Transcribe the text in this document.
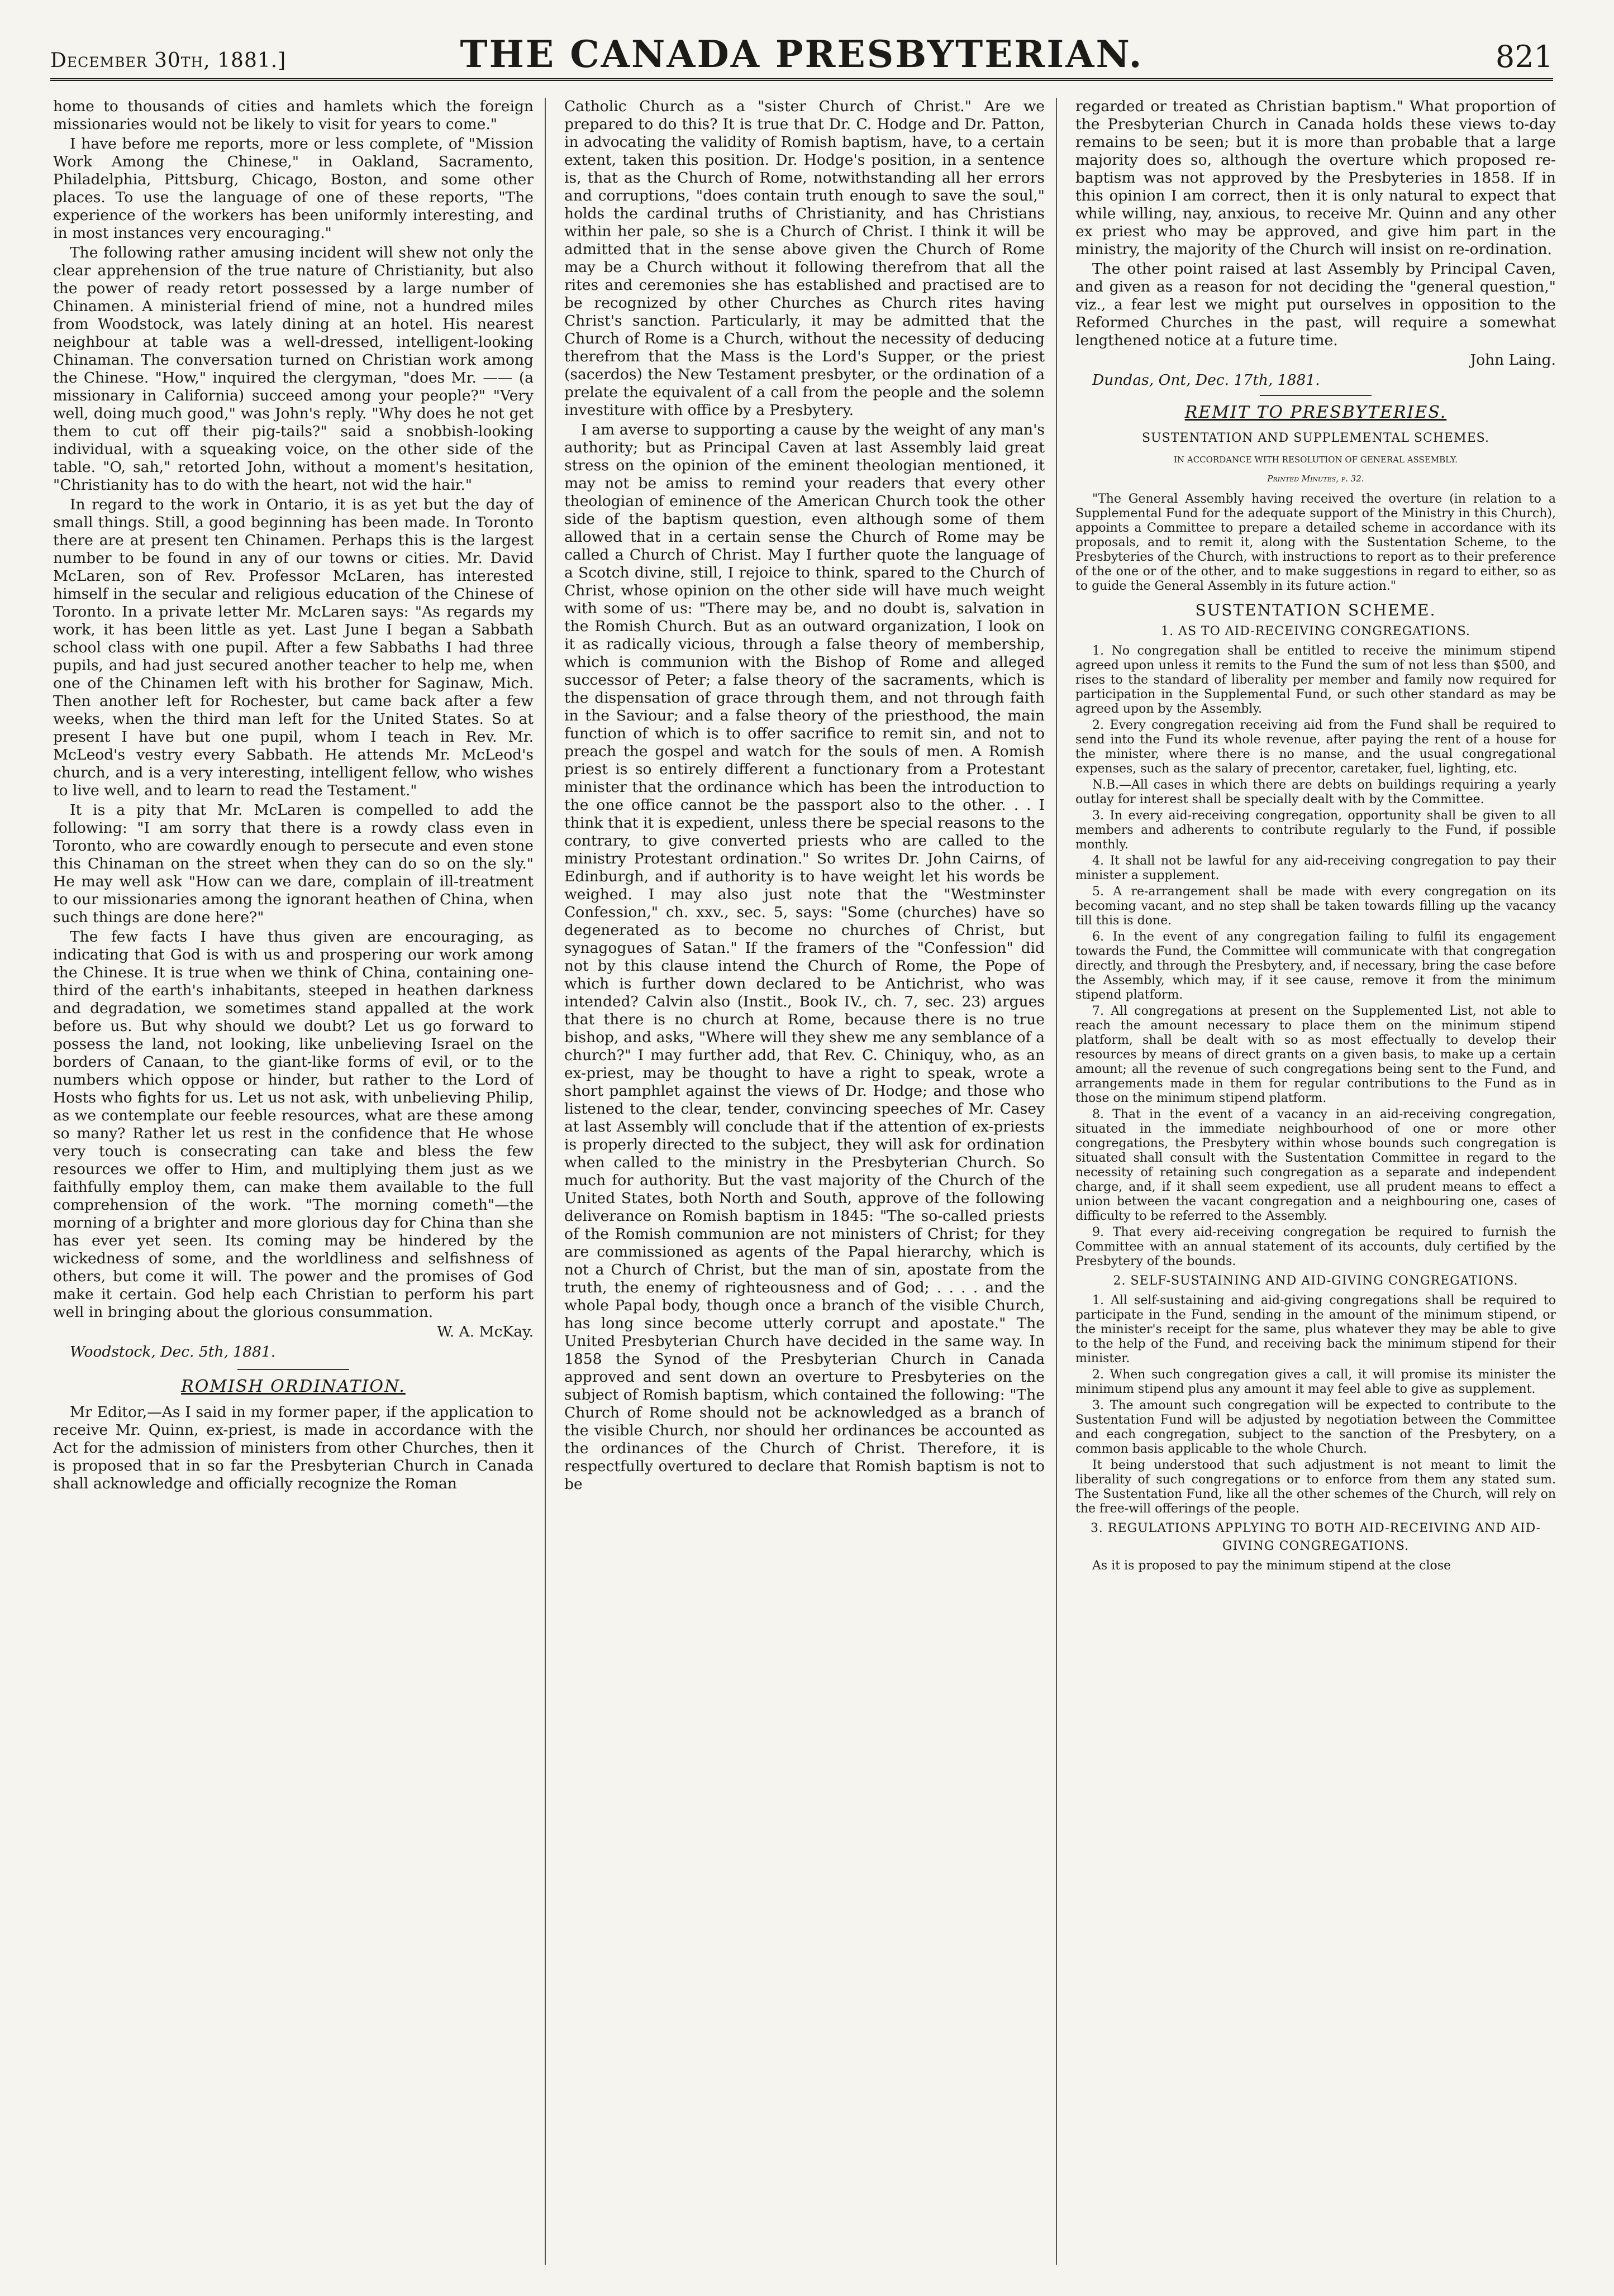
December 30th, 1881.]	THE CANADA PRESBYTERIAN.	821

home to thousands of cities and hamlets which the foreign missionaries would not be likely to visit for years to come."

I have before me reports, more or less complete, of "Mission Work Among the Chinese," in Oakland, Sacramento, Philadelphia, Pittsburg, Chicago, Boston, and some other places. To use the language of one of these reports, "The experience of the workers has been uniformly interesting, and in most instances very encouraging."

The following rather amusing incident will shew not only the clear apprehension of the true nature of Christianity, but also the power of ready retort possessed by a large number of Chinamen. A ministerial friend of mine, not a hundred miles from Woodstock, was lately dining at an hotel. His nearest neighbour at table was a well-dressed, intelligent-looking Chinaman. The conversation turned on Christian work among the Chinese. "How," inquired the clergyman, "does Mr. —— (a missionary in California) succeed among your people?" "Very well, doing much good," was John's reply. "Why does he not get them to cut off their pig-tails?" said a snobbish-looking individual, with a squeaking voice, on the other side of the table. "O, sah," retorted John, without a moment's hesitation, "Christianity has to do with the heart, not wid the hair."

In regard to the work in Ontario, it is as yet but the day of small things. Still, a good beginning has been made. In Toronto there are at present ten Chinamen. Perhaps this is the largest number to be found in any of our towns or cities. Mr. David McLaren, son of Rev. Professor McLaren, has interested himself in the secular and religious education of the Chinese of Toronto. In a private letter Mr. McLaren says: "As regards my work, it has been little as yet. Last June I began a Sabbath school class with one pupil. After a few Sabbaths I had three pupils, and had just secured another teacher to help me, when one of the Chinamen left with his brother for Saginaw, Mich. Then another left for Rochester, but came back after a few weeks, when the third man left for the United States. So at present I have but one pupil, whom I teach in Rev. Mr. McLeod's vestry every Sabbath. He attends Mr. McLeod's church, and is a very interesting, intelligent fellow, who wishes to live well, and to learn to read the Testament."

It is a pity that Mr. McLaren is compelled to add the following: "I am sorry that there is a rowdy class even in Toronto, who are cowardly enough to persecute and even stone this Chinaman on the street when they can do so on the sly." He may well ask "How can we dare, complain of ill-treatment to our missionaries among the ignorant heathen of China, when such things are done here?"

The few facts I have thus given are encouraging, as indicating that God is with us and prospering our work among the Chinese. It is true when we think of China, containing one-third of the earth's inhabitants, steeped in heathen darkness and degradation, we sometimes stand appalled at the work before us. But why should we doubt? Let us go forward to possess the land, not looking, like unbelieving Israel on the borders of Canaan, to the giant-like forms of evil, or to the numbers which oppose or hinder, but rather to the Lord of Hosts who fights for us. Let us not ask, with unbelieving Philip, as we contemplate our feeble resources, what are these among so many? Rather let us rest in the confidence that He whose very touch is consecrating can take and bless the few resources we offer to Him, and multiplying them just as we faithfully employ them, can make them available to the full comprehension of the work. "The morning cometh"—the morning of a brighter and more glorious day for China than she has ever yet seen. Its coming may be hindered by the wickedness of some, and the worldliness and selfishness of others, but come it will. The power and the promises of God make it certain. God help each Christian to perform his part well in bringing about the glorious consummation.

W. A. McKay.

Woodstock, Dec. 5th, 1881.

ROMISH ORDINATION.

Mr Editor,—As I said in my former paper, if the application to receive Mr. Quinn, ex-priest, is made in accordance with the Act for the admission of ministers from other Churches, then it is proposed that in so far the Presbyterian Church in Canada shall acknowledge and officially recognize the Roman

Catholic Church as a "sister Church of Christ." Are we prepared to do this? It is true that Dr. C. Hodge and Dr. Patton, in advocating the validity of Romish baptism, have, to a certain extent, taken this position. Dr. Hodge's position, in a sentence is, that as the Church of Rome, notwithstanding all her errors and corruptions, "does contain truth enough to save the soul," holds the cardinal truths of Christianity, and has Christians within her pale, so she is a Church of Christ. I think it will be admitted that in the sense above given the Church of Rome may be a Church without it following therefrom that all the rites and ceremonies she has established and practised are to be recognized by other Churches as Church rites having Christ's sanction. Particularly, it may be admitted that the Church of Rome is a Church, without the necessity of deducing therefrom that the Mass is the Lord's Supper, or the priest (sacerdos) the New Testament presbyter, or the ordination of a prelate the equivalent of a call from the people and the solemn investiture with office by a Presbytery.

I am averse to supporting a cause by the weight of any man's authority; but as Principal Caven at last Assembly laid great stress on the opinion of the eminent theologian mentioned, it may not be amiss to remind your readers that every other theologian of eminence of the American Church took the other side of the baptism question, even although some of them allowed that in a certain sense the Church of Rome may be called a Church of Christ. May I further quote the language of a Scotch divine, still, I rejoice to think, spared to the Church of Christ, whose opinion on the other side will have much weight with some of us: "There may be, and no doubt is, salvation in the Romish Church. But as an outward organization, I look on it as radically vicious, through a false theory of membership, which is communion with the Bishop of Rome and alleged successor of Peter; a false theory of the sacraments, which is the dispensation of grace through them, and not through faith in the Saviour; and a false theory of the priesthood, the main function of which is to offer sacrifice to remit sin, and not to preach the gospel and watch for the souls of men. A Romish priest is so entirely different a functionary from a Protestant minister that the ordinance which has been the introduction to the one office cannot be the passport also to the other. . . I think that it is expedient, unless there be special reasons to the contrary, to give converted priests who are called to the ministry Protestant ordination." So writes Dr. John Cairns, of Edinburgh, and if authority is to have weight let his words be weighed. I may also just note that the "Westminster Confession," ch. xxv., sec. 5, says: "Some (churches) have so degenerated as to become no churches of Christ, but synagogues of Satan." If the framers of the "Confession" did not by this clause intend the Church of Rome, the Pope of which is further down declared to be Antichrist, who was intended? Calvin also (Instit., Book IV., ch. 7, sec. 23) argues that there is no church at Rome, because there is no true bishop, and asks, "Where will they shew me any semblance of a church?" I may further add, that Rev. C. Chiniquy, who, as an ex-priest, may be thought to have a right to speak, wrote a short pamphlet against the views of Dr. Hodge; and those who listened to the clear, tender, convincing speeches of Mr. Casey at last Assembly will conclude that if the attention of ex-priests is properly directed to the subject, they will ask for ordination when called to the ministry in the Presbyterian Church. So much for authority. But the vast majority of the Church of the United States, both North and South, approve of the following deliverance on Romish baptism in 1845: "The so-called priests of the Romish communion are not ministers of Christ; for they are commissioned as agents of the Papal hierarchy, which is not a Church of Christ, but the man of sin, apostate from the truth, the enemy of righteousness and of God; . . . . and the whole Papal body, though once a branch of the visible Church, has long since become utterly corrupt and apostate." The United Presbyterian Church have decided in the same way. In 1858 the Synod of the Presbyterian Church in Canada approved and sent down an overture to Presbyteries on the subject of Romish baptism, which contained the following: "The Church of Rome should not be acknowledged as a branch of the visible Church, nor should her ordinances be accounted as the ordinances of the Church of Christ. Therefore, it is respectfully overtured to declare that Romish baptism is not to be

regarded or treated as Christian baptism." What proportion of the Presbyterian Church in Canada holds these views to-day remains to be seen; but it is more than probable that a large majority does so, although the overture which proposed re-baptism was not approved by the Presbyteries in 1858. If in this opinion I am correct, then it is only natural to expect that while willing, nay, anxious, to receive Mr. Quinn and any other ex priest who may be approved, and give him part in the ministry, the majority of the Church will insist on re-ordination.

The other point raised at last Assembly by Principal Caven, and given as a reason for not deciding the "general question," viz., a fear lest we might put ourselves in opposition to the Reformed Churches in the past, will require a somewhat lengthened notice at a future time.

John Laing.

Dundas, Ont, Dec. 17th, 1881.

REMIT TO PRESBYTERIES.
SUSTENTATION AND SUPPLEMENTAL SCHEMES.
IN ACCORDANCE WITH RESOLUTION OF GENERAL ASSEMBLY.
Printed Minutes, p. 32.

"The General Assembly having received the overture (in relation to a Supplemental Fund for the adequate support of the Ministry in this Church), appoints a Committee to prepare a detailed scheme in accordance with its proposals, and to remit it, along with the Sustentation Scheme, to the Presbyteries of the Church, with instructions to report as to their preference of the one or of the other, and to make suggestions in regard to either, so as to guide the General Assembly in its future action."

SUSTENTATION SCHEME.
1. AS TO AID-RECEIVING CONGREGATIONS.

1. No congregation shall be entitled to receive the minimum stipend agreed upon unless it remits to the Fund the sum of not less than $500, and rises to the standard of liberality per member and family now required for participation in the Supplemental Fund, or such other standard as may be agreed upon by the Assembly.

2. Every congregation receiving aid from the Fund shall be required to send into the Fund its whole revenue, after paying the rent of a house for the minister, where there is no manse, and the usual congregational expenses, such as the salary of precentor, caretaker, fuel, lighting, etc.

N.B.—All cases in which there are debts on buildings requiring a yearly outlay for interest shall be specially dealt with by the Committee.

3. In every aid-receiving congregation, opportunity shall be given to all members and adherents to contribute regularly to the Fund, if possible monthly.

4. It shall not be lawful for any aid-receiving congregation to pay their minister a supplement.

5. A re-arrangement shall be made with every congregation on its becoming vacant, and no step shall be taken towards filling up the vacancy till this is done.

6. In the event of any congregation failing to fulfil its engagement towards the Fund, the Committee will communicate with that congregation directly, and through the Presbytery, and, if necessary, bring the case before the Assembly, which may, if it see cause, remove it from the minimum stipend platform.

7. All congregations at present on the Supplemented List, not able to reach the amount necessary to place them on the minimum stipend platform, shall be dealt with so as most effectually to develop their resources by means of direct grants on a given basis, to make up a certain amount; all the revenue of such congregations being sent to the Fund, and arrangements made in them for regular contributions to the Fund as in those on the minimum stipend platform.

8. That in the event of a vacancy in an aid-receiving congregation, situated in the immediate neighbourhood of one or more other congregations, the Presbytery within whose bounds such congregation is situated shall consult with the Sustentation Committee in regard to the necessity of retaining such congregation as a separate and independent charge, and, if it shall seem expedient, use all prudent means to effect a union between the vacant congregation and a neighbouring one, cases of difficulty to be referred to the Assembly.

9. That every aid-receiving congregation be required to furnish the Committee with an annual statement of its accounts, duly certified by the Presbytery of the bounds.

2. SELF-SUSTAINING AND AID-GIVING CONGREGATIONS.

1. All self-sustaining and aid-giving congregations shall be required to participate in the Fund, sending in the amount of the minimum stipend, or the minister's receipt for the same, plus whatever they may be able to give to the help of the Fund, and receiving back the minimum stipend for their minister.

2. When such congregation gives a call, it will promise its minister the minimum stipend plus any amount it may feel able to give as supplement.

3. The amount such congregation will be expected to contribute to the Sustentation Fund will be adjusted by negotiation between the Committee and each congregation, subject to the sanction of the Presbytery, on a common basis applicable to the whole Church.

It being understood that such adjustment is not meant to limit the liberality of such congregations or to enforce from them any stated sum. The Sustentation Fund, like all the other schemes of the Church, will rely on the free-will offerings of the people.

3. REGULATIONS APPLYING TO BOTH AID-RECEIVING AND AID-GIVING CONGREGATIONS.

As it is proposed to pay the minimum stipend at the close
